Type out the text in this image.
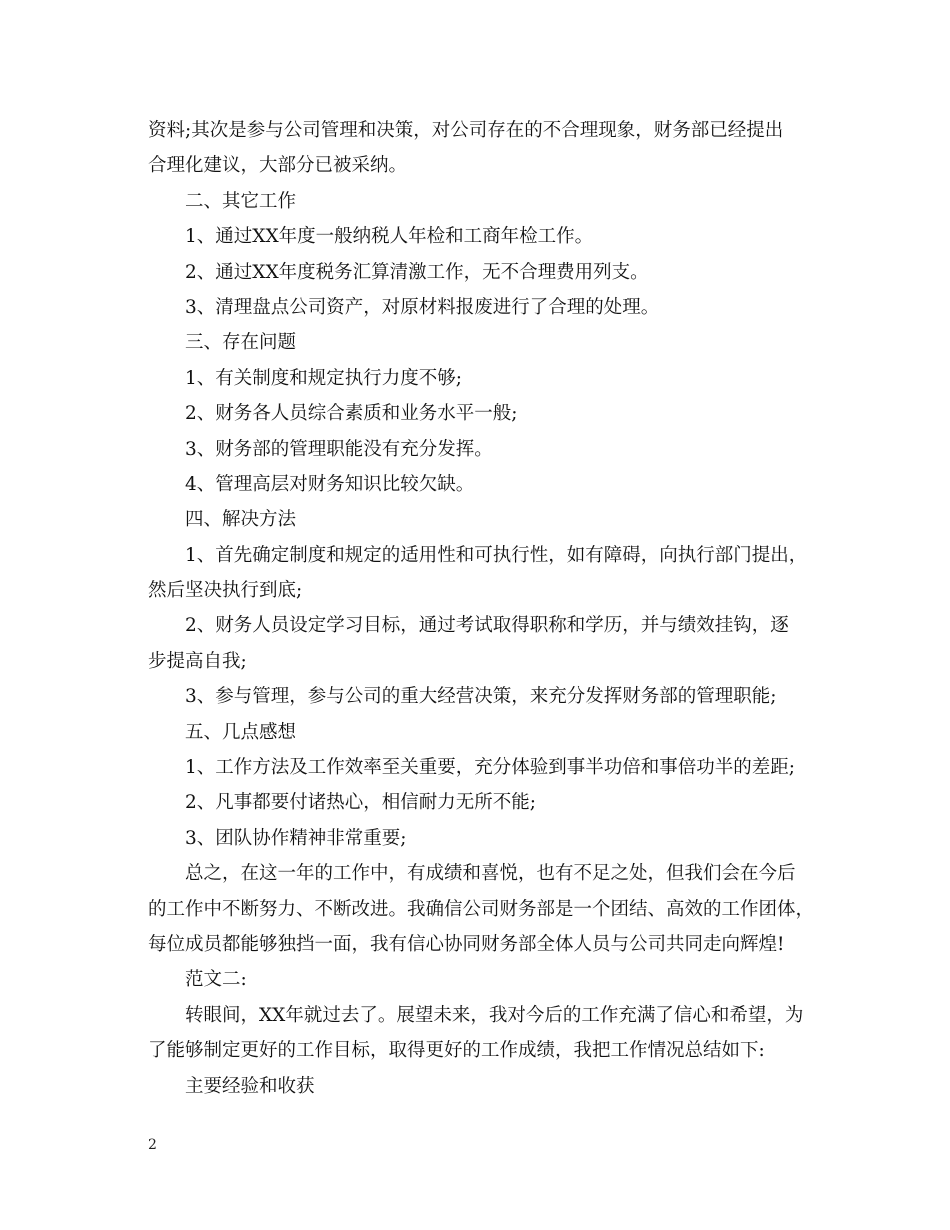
资料;其次是参与公司管理和决策，对公司存在的不合理现象，财务部已经提出
合理化建议，大部分已被采纳。
二、其它工作
1、通过XX年度一般纳税人年检和工商年检工作。
2、通过XX年度税务汇算清激工作，无不合理费用列支。
3、清理盘点公司资产，对原材料报废进行了合理的处理。
三、存在问题
1、有关制度和规定执行力度不够;
2、财务各人员综合素质和业务水平一般;
3、财务部的管理职能没有充分发挥。
4、管理高层对财务知识比较欠缺。
四、解决方法
1、首先确定制度和规定的适用性和可执行性，如有障碍，向执行部门提出，
然后坚决执行到底;
2、财务人员设定学习目标，通过考试取得职称和学历，并与绩效挂钩，逐
步提高自我;
3、参与管理，参与公司的重大经营决策，来充分发挥财务部的管理职能;
五、几点感想
1、工作方法及工作效率至关重要，充分体验到事半功倍和事倍功半的差距;
2、凡事都要付诸热心，相信耐力无所不能;
3、团队协作精神非常重要;
总之，在这一年的工作中，有成绩和喜悦，也有不足之处，但我们会在今后
的工作中不断努力、不断改进。我确信公司财务部是一个团结、高效的工作团体，
每位成员都能够独挡一面，我有信心协同财务部全体人员与公司共同走向辉煌!
范文二:
转眼间，XX年就过去了。展望未来，我对今后的工作充满了信心和希望，为
了能够制定更好的工作目标，取得更好的工作成绩，我把工作情况总结如下:
主要经验和收获
2
